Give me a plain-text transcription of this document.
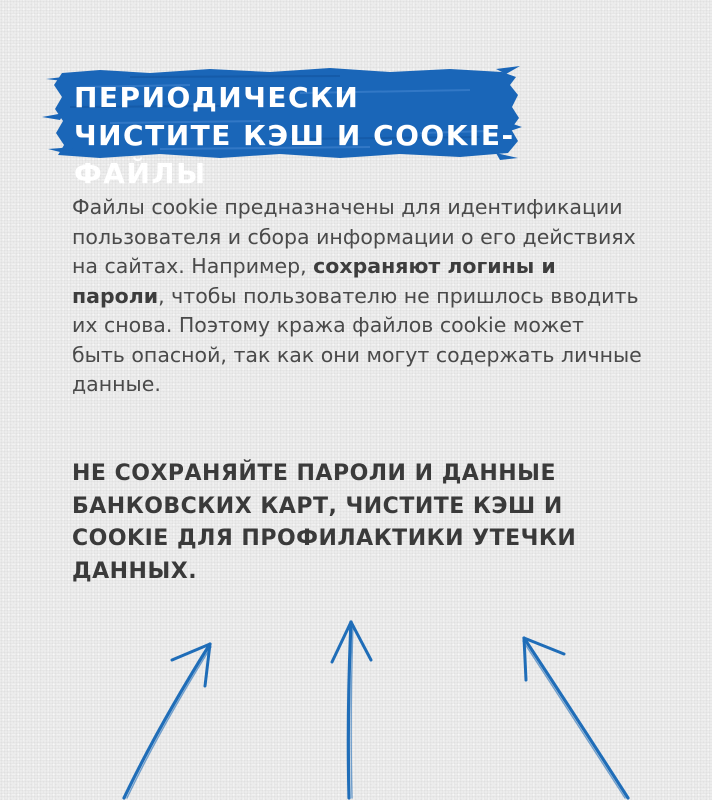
ПЕРИОДИЧЕСКИ ЧИСТИТЕ КЭШ И COOKIE-ФАЙЛЫ

Файлы cookie предназначены для идентификации пользователя и сбора информации о его действиях на сайтах. Например, сохраняют логины и пароли, чтобы пользователю не пришлось вводить их снова. Поэтому кража файлов cookie может быть опасной, так как они могут содержать личные данные.

НЕ СОХРАНЯЙТЕ ПАРОЛИ И ДАННЫЕ БАНКОВСКИХ КАРТ, ЧИСТИТЕ КЭШ И COOKIE ДЛЯ ПРОФИЛАКТИКИ УТЕЧКИ ДАННЫХ.
